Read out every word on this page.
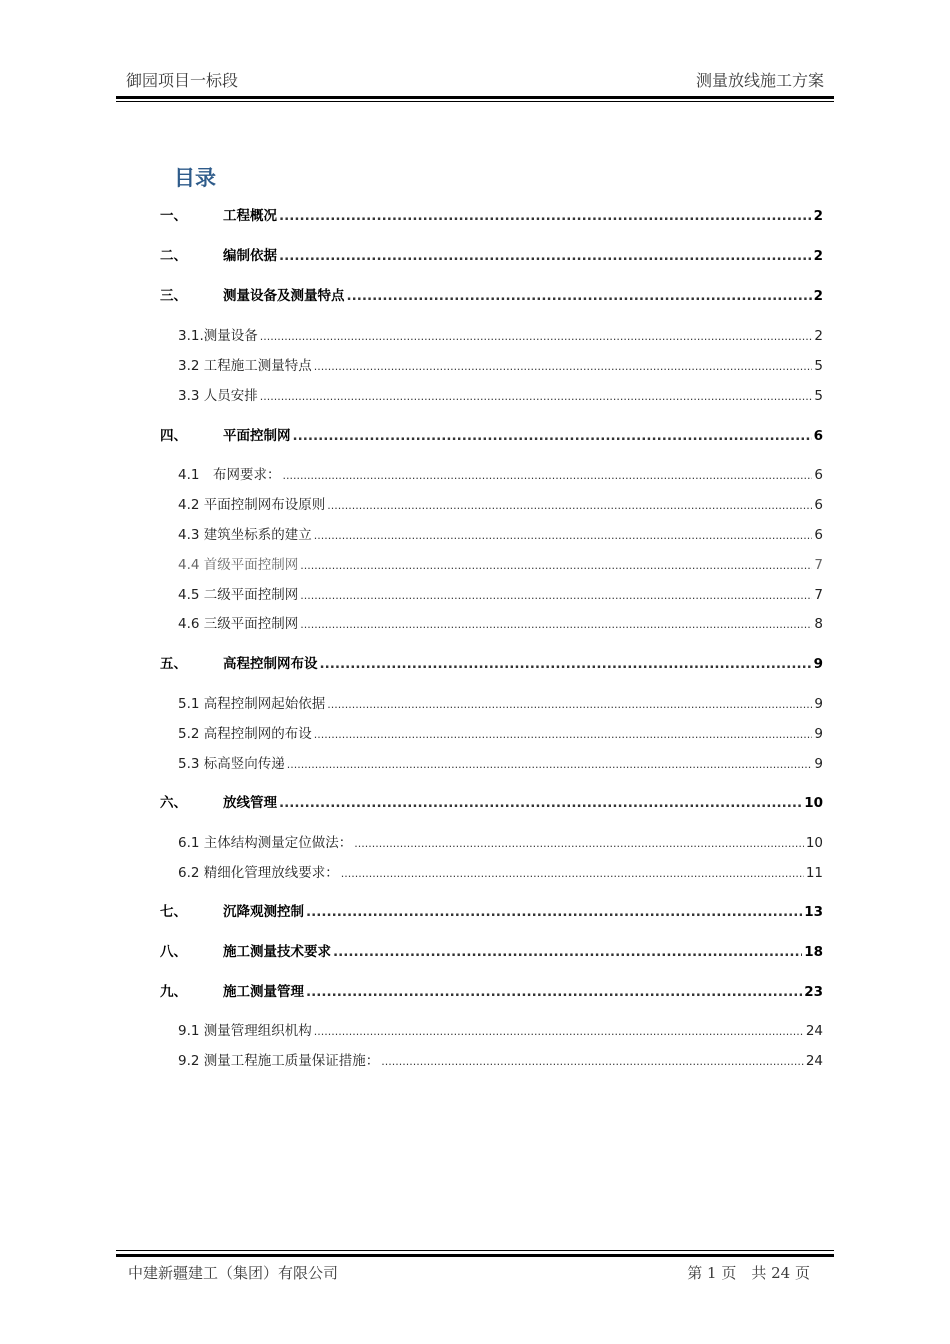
御园项目一标段	测量放线施工方案
目录
一、	工程概况 .....	2
二、	编制依据 .....	2
三、	测量设备及测量特点 .....	2
3.1.测量设备 .....	2
3.2 工程施工测量特点 .....	5
3.3 人员安排 .....	5
四、	平面控制网 .....	6
4.1　布网要求： .....	6
4.2 平面控制网布设原则 .....	6
4.3 建筑坐标系的建立 .....	6
4.4 首级平面控制网 .....	7
4.5 二级平面控制网 .....	7
4.6 三级平面控制网 .....	8
五、	高程控制网布设 .....	9
5.1 高程控制网起始依据 .....	9
5.2 高程控制网的布设 .....	9
5.3 标高竖向传递 .....	9
六、	放线管理 .....	10
6.1 主体结构测量定位做法： .....	10
6.2 精细化管理放线要求： .....	11
七、	沉降观测控制 .....	13
八、	施工测量技术要求 .....	18
九、	施工测量管理 .....	23
9.1 测量管理组织机构 .....	24
9.2 测量工程施工质量保证措施： .....	24
中建新疆建工（集团）有限公司	第 1 页　共 24 页
